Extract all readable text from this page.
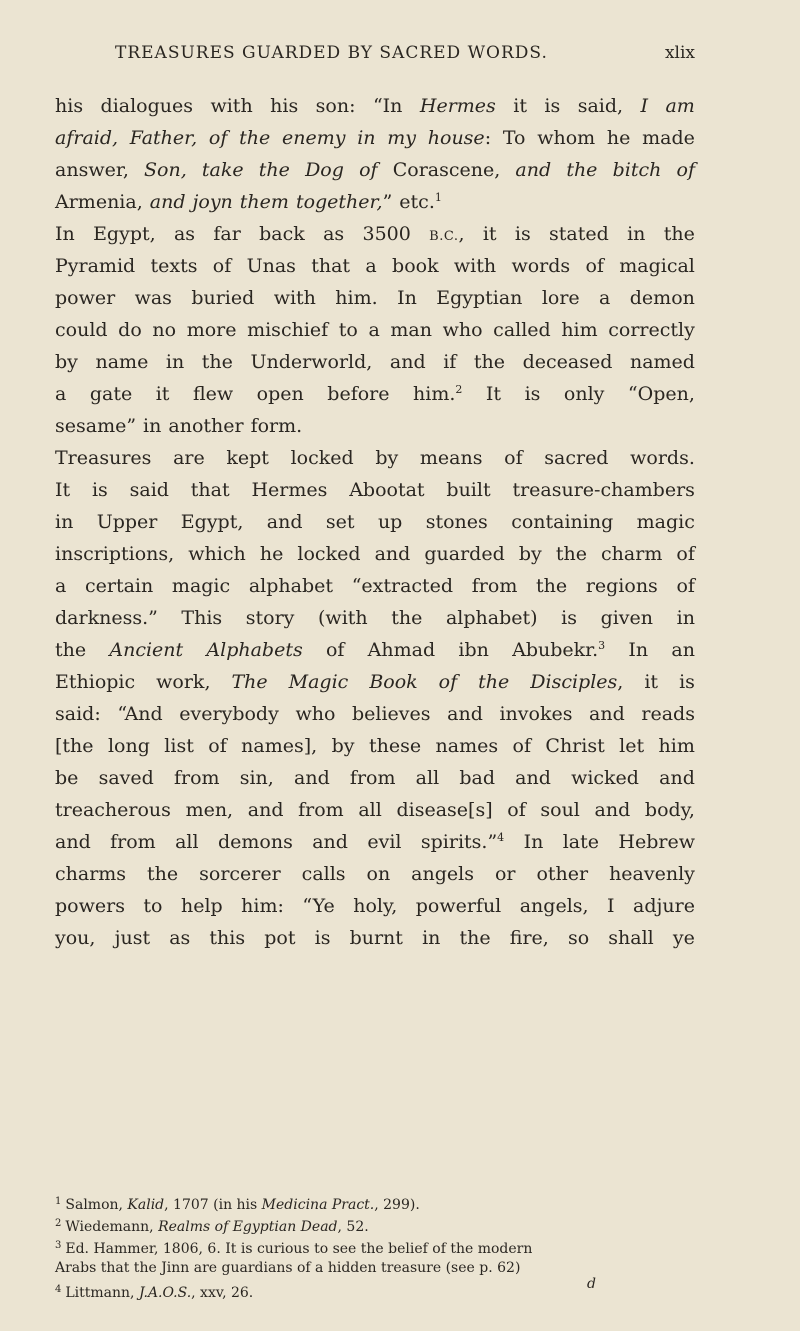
TREASURES GUARDED BY SACRED WORDS.	xlix
his dialogues with his son: “In Hermes it is said, I am
afraid, Father, of the enemy in my house: To whom he made
answer, Son, take the Dog of Corascene, and the bitch of
Armenia, and joyn them together,” etc.$^1$
In Egypt, as far back as 3500 B.C., it is stated in the
Pyramid texts of Unas that a book with words of magical
power was buried with him. In Egyptian lore a demon
could do no more mischief to a man who called him correctly
by name in the Underworld, and if the deceased named
a gate it flew open before him.$^2$ It is only “Open,
sesame” in another form.
Treasures are kept locked by means of sacred words.
It is said that Hermes Abootat built treasure-chambers
in Upper Egypt, and set up stones containing magic
inscriptions, which he locked and guarded by the charm of
a certain magic alphabet “extracted from the regions of
darkness.” This story (with the alphabet) is given in
the Ancient Alphabets of Ahmad ibn Abubekr.$^3$ In an
Ethiopic work, The Magic Book of the Disciples, it is
said: “And everybody who believes and invokes and reads
[the long list of names], by these names of Christ let him
be saved from sin, and from all bad and wicked and
treacherous men, and from all disease[s] of soul and body,
and from all demons and evil spirits.”$^4$ In late Hebrew
charms the sorcerer calls on angels or other heavenly
powers to help him: “Ye holy, powerful angels, I adjure
you, just as this pot is burnt in the fire, so shall ye
$^1$ Salmon, Kalid, 1707 (in his Medicina Pract., 299).
$^2$ Wiedemann, Realms of Egyptian Dead, 52.
$^3$ Ed. Hammer, 1806, 6. It is curious to see the belief of the modern
Arabs that the Jinn are guardians of a hidden treasure (see p. 62)
$^4$ Littmann, J.A.O.S., xxv, 26.
d
